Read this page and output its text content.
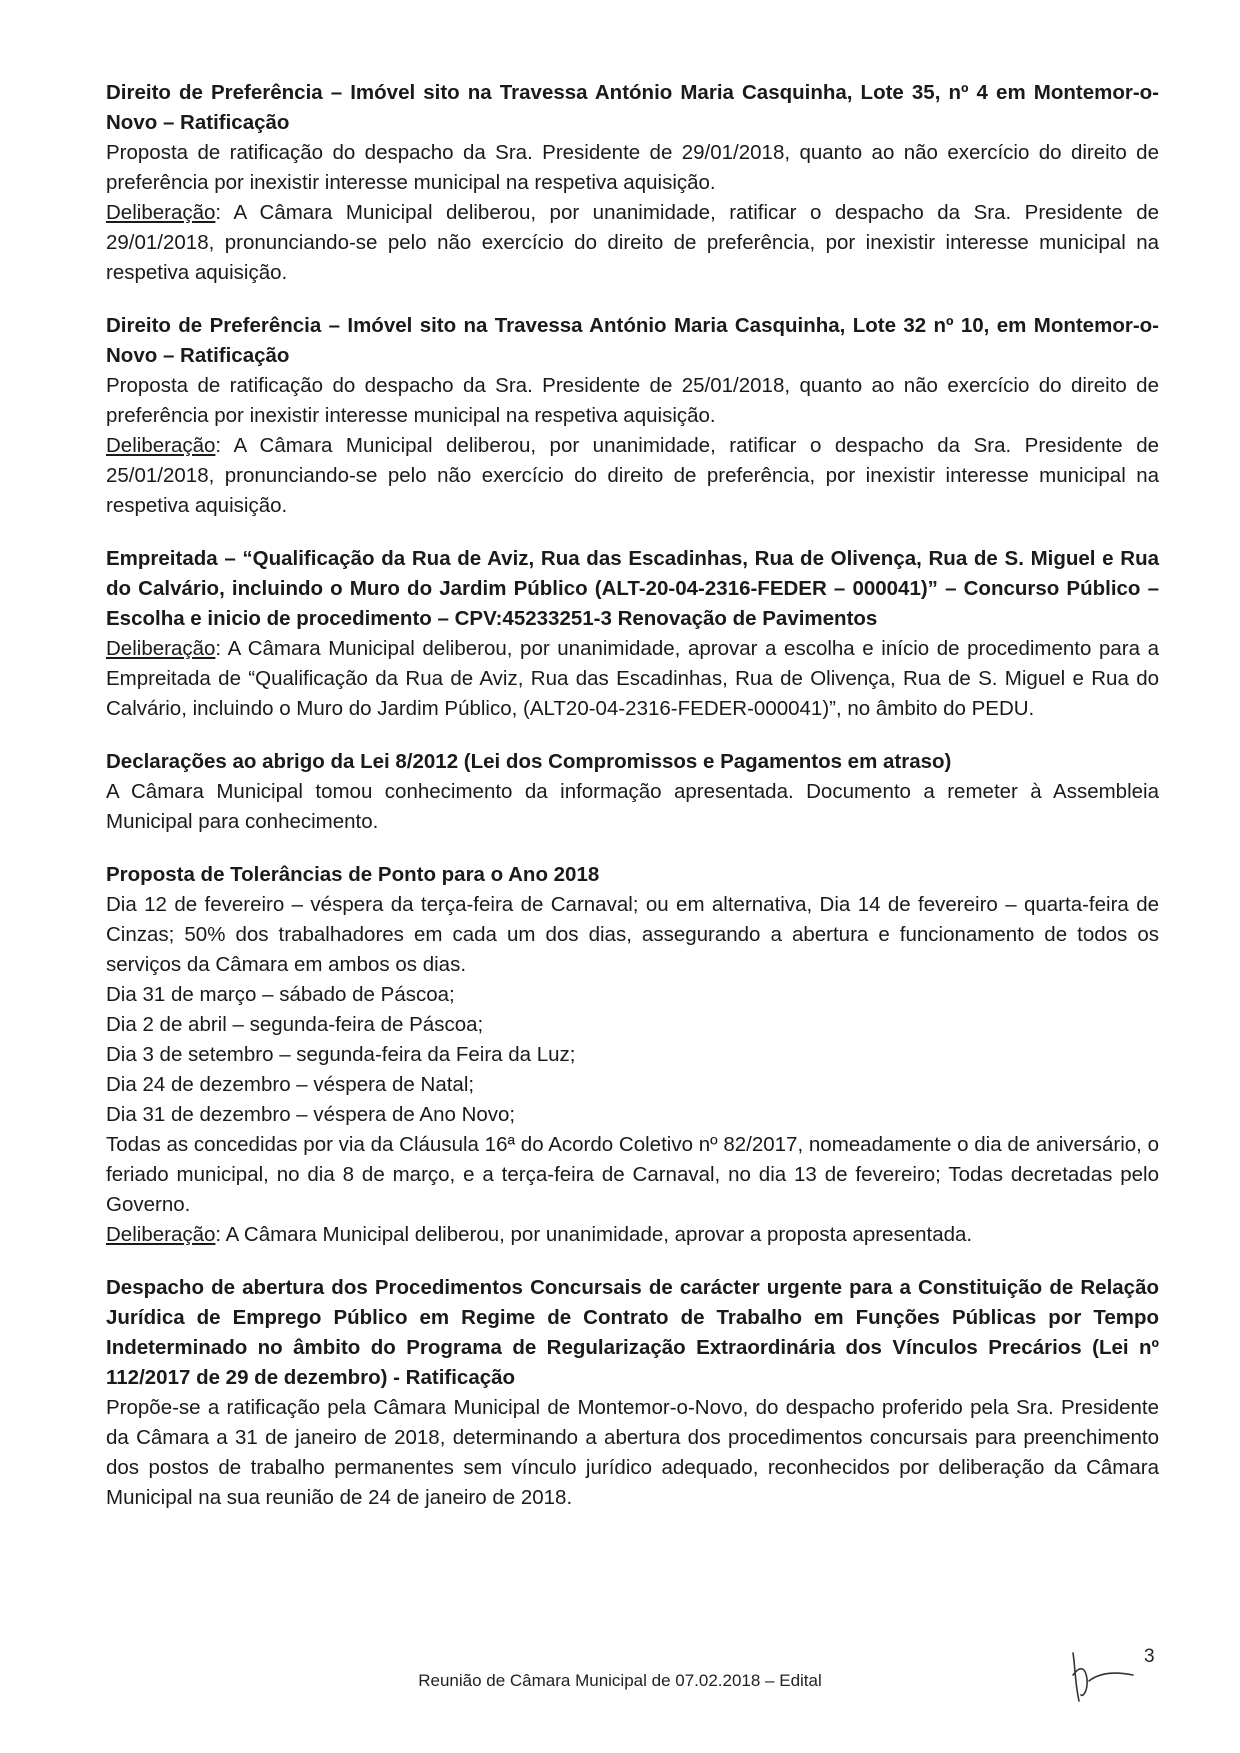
Direito de Preferência – Imóvel sito na Travessa António Maria Casquinha, Lote 35, nº 4 em Montemor-o-Novo – Ratificação

Proposta de ratificação do despacho da Sra. Presidente de 29/01/2018, quanto ao não exercício do direito de preferência por inexistir interesse municipal na respetiva aquisição.

Deliberação: A Câmara Municipal deliberou, por unanimidade, ratificar o despacho da Sra. Presidente de 29/01/2018, pronunciando-se pelo não exercício do direito de preferência, por inexistir interesse municipal na respetiva aquisição.

Direito de Preferência – Imóvel sito na Travessa António Maria Casquinha, Lote 32 nº 10, em Montemor-o-Novo – Ratificação

Proposta de ratificação do despacho da Sra. Presidente de 25/01/2018, quanto ao não exercício do direito de preferência por inexistir interesse municipal na respetiva aquisição.

Deliberação: A Câmara Municipal deliberou, por unanimidade, ratificar o despacho da Sra. Presidente de 25/01/2018, pronunciando-se pelo não exercício do direito de preferência, por inexistir interesse municipal na respetiva aquisição.

Empreitada – “Qualificação da Rua de Aviz, Rua das Escadinhas, Rua de Olivença, Rua de S. Miguel e Rua do Calvário, incluindo o Muro do Jardim Público (ALT-20-04-2316-FEDER – 000041)” – Concurso Público – Escolha e inicio de procedimento – CPV:45233251-3 Renovação de Pavimentos

Deliberação: A Câmara Municipal deliberou, por unanimidade, aprovar a escolha e início de procedimento para a Empreitada de “Qualificação da Rua de Aviz, Rua das Escadinhas, Rua de Olivença, Rua de S. Miguel e Rua do Calvário, incluindo o Muro do Jardim Público, (ALT20-04-2316-FEDER-000041)”, no âmbito do PEDU.

Declarações ao abrigo da Lei 8/2012 (Lei dos Compromissos e Pagamentos em atraso)

A Câmara Municipal tomou conhecimento da informação apresentada. Documento a remeter à Assembleia Municipal para conhecimento.

Proposta de Tolerâncias de Ponto para o Ano 2018

Dia 12 de fevereiro – véspera da terça-feira de Carnaval; ou em alternativa, Dia 14 de fevereiro – quarta-feira de Cinzas; 50% dos trabalhadores em cada um dos dias, assegurando a abertura e funcionamento de todos os serviços da Câmara em ambos os dias.

Dia 31 de março – sábado de Páscoa;

Dia 2 de abril – segunda-feira de Páscoa;

Dia 3 de setembro – segunda-feira da Feira da Luz;

Dia 24 de dezembro – véspera de Natal;

Dia 31 de dezembro – véspera de Ano Novo;

Todas as concedidas por via da Cláusula 16ª do Acordo Coletivo nº 82/2017, nomeadamente o dia de aniversário, o feriado municipal, no dia 8 de março, e a terça-feira de Carnaval, no dia 13 de fevereiro; Todas decretadas pelo Governo.

Deliberação: A Câmara Municipal deliberou, por unanimidade, aprovar a proposta apresentada.

Despacho de abertura dos Procedimentos Concursais de carácter urgente para a Constituição de Relação Jurídica de Emprego Público em Regime de Contrato de Trabalho em Funções Públicas por Tempo Indeterminado no âmbito do Programa de Regularização Extraordinária dos Vínculos Precários (Lei nº 112/2017 de 29 de dezembro) - Ratificação

Propõe-se a ratificação pela Câmara Municipal de Montemor-o-Novo, do despacho proferido pela Sra. Presidente da Câmara a 31 de janeiro de 2018, determinando a abertura dos procedimentos concursais para preenchimento dos postos de trabalho permanentes sem vínculo jurídico adequado, reconhecidos por deliberação da Câmara Municipal na sua reunião de 24 de janeiro de 2018.

3
Reunião de Câmara Municipal de 07.02.2018 – Edital
